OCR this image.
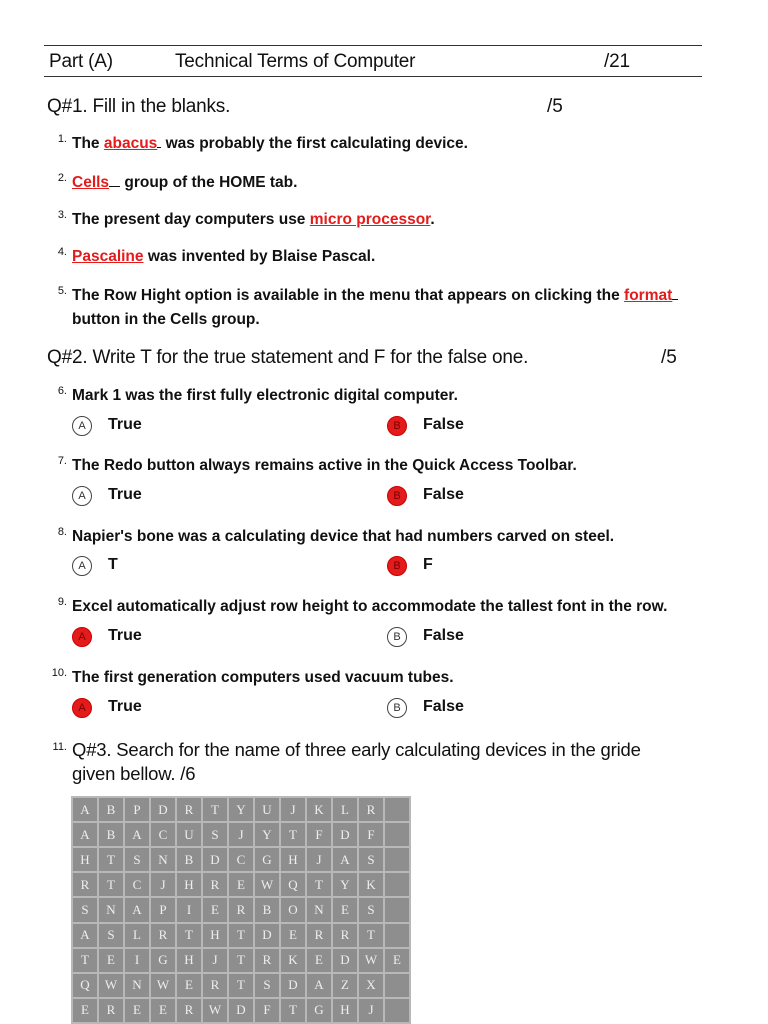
Part (A)	Technical Terms of Computer	/21
Q#1. Fill in the blanks.	/5
1. The abacus was probably the first calculating device.
2. Cells group of the HOME tab.
3. The present day computers use micro processor.
4. Pascaline was invented by Blaise Pascal.
5. The Row Hight option is available in the menu that appears on clicking the format
button in the Cells group.
Q#2. Write T for the true statement and F for the false one.	/5
6. Mark 1 was the first fully electronic digital computer.
A	True	B	False
7. The Redo button always remains active in the Quick Access Toolbar.
A	True	B	False
8. Napier's bone was a calculating device that had numbers carved on steel.
A	T	B	F
9. Excel automatically adjust row height to accommodate the tallest font in the row.
A	True	B	False
10. The first generation computers used vacuum tubes.
A	True	B	False
11. Q#3. Search for the name of three early calculating devices in the gride
given bellow. /6
A	B	P	D	R	T	Y	U	J	K	L	R
A	B	A	C	U	S	J	Y	T	F	D	F
H	T	S	N	B	D	C	G	H	J	A	S
R	T	C	J	H	R	E	W	Q	T	Y	K
S	N	A	P	I	E	R	B	O	N	E	S
A	S	L	R	T	H	T	D	E	R	R	T
T	E	I	G	H	J	T	R	K	E	D	W	E
Q	W	N	W	E	R	T	S	D	A	Z	X
E	R	E	E	R	W	D	F	T	G	H	J
